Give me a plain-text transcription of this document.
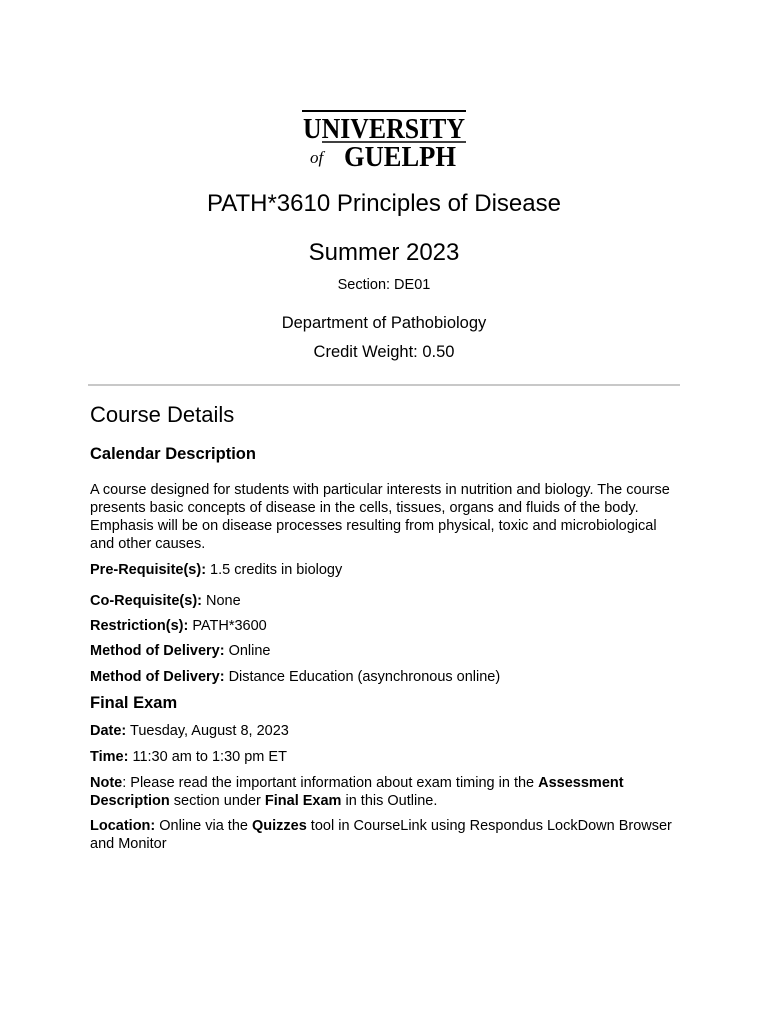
UNIVERSITY
of GUELPH
PATH*3610 Principles of Disease
Summer 2023
Section: DE01
Department of Pathobiology
Credit Weight: 0.50
Course Details
Calendar Description
A course designed for students with particular interests in nutrition and biology. The course presents basic concepts of disease in the cells, tissues, organs and fluids of the body. Emphasis will be on disease processes resulting from physical, toxic and microbiological and other causes.
Pre-Requisite(s): 1.5 credits in biology
Co-Requisite(s): None
Restriction(s): PATH*3600
Method of Delivery: Online
Method of Delivery: Distance Education (asynchronous online)
Final Exam
Date: Tuesday, August 8, 2023
Time: 11:30 am to 1:30 pm ET
Note: Please read the important information about exam timing in the Assessment Description section under Final Exam in this Outline.
Location: Online via the Quizzes tool in CourseLink using Respondus LockDown Browser and Monitor
